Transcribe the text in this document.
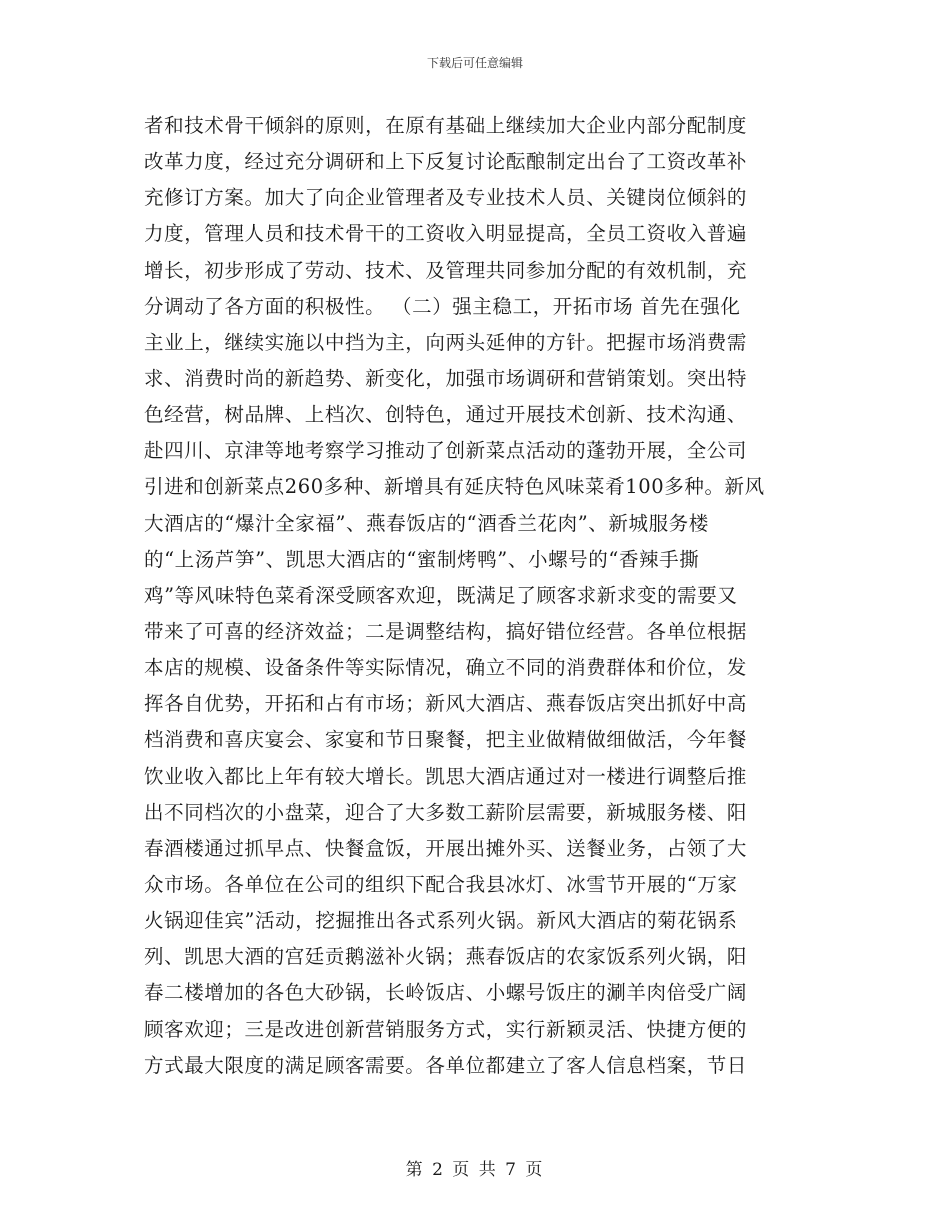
下载后可任意编辑
者和技术骨干倾斜的原则，在原有基础上继续加大企业内部分配制度
改革力度，经过充分调研和上下反复讨论酝酿制定出台了工资改革补
充修订方案。加大了向企业管理者及专业技术人员、关键岗位倾斜的
力度，管理人员和技术骨干的工资收入明显提高，全员工资收入普遍
增长，初步形成了劳动、技术、及管理共同参加分配的有效机制，充
分调动了各方面的积极性。 （二）强主稳工，开拓市场 首先在强化
主业上，继续实施以中挡为主，向两头延伸的方针。把握市场消费需
求、消费时尚的新趋势、新变化，加强市场调研和营销策划。突出特
色经营，树品牌、上档次、创特色，通过开展技术创新、技术沟通、
赴四川、京津等地考察学习推动了创新菜点活动的蓬勃开展，全公司
引进和创新菜点260多种、新增具有延庆特色风味菜肴100多种。新风
大酒店的“爆汁全家福”、燕春饭店的“酒香兰花肉”、新城服务楼
的“上汤芦笋”、凯思大酒店的“蜜制烤鸭”、小螺号的“香辣手撕
鸡”等风味特色菜肴深受顾客欢迎，既满足了顾客求新求变的需要又
带来了可喜的经济效益；二是调整结构，搞好错位经营。各单位根据
本店的规模、设备条件等实际情况，确立不同的消费群体和价位，发
挥各自优势，开拓和占有市场；新风大酒店、燕春饭店突出抓好中高
档消费和喜庆宴会、家宴和节日聚餐，把主业做精做细做活，今年餐
饮业收入都比上年有较大增长。凯思大酒店通过对一楼进行调整后推
出不同档次的小盘菜，迎合了大多数工薪阶层需要，新城服务楼、阳
春酒楼通过抓早点、快餐盒饭，开展出摊外买、送餐业务，占领了大
众市场。各单位在公司的组织下配合我县冰灯、冰雪节开展的“万家
火锅迎佳宾”活动，挖掘推出各式系列火锅。新风大酒店的菊花锅系
列、凯思大酒的宫廷贡鹅滋补火锅；燕春饭店的农家饭系列火锅，阳
春二楼增加的各色大砂锅，长岭饭店、小螺号饭庄的涮羊肉倍受广阔
顾客欢迎；三是改进创新营销服务方式，实行新颖灵活、快捷方便的
方式最大限度的满足顾客需要。各单位都建立了客人信息档案，节日
第 2 页 共 7 页
